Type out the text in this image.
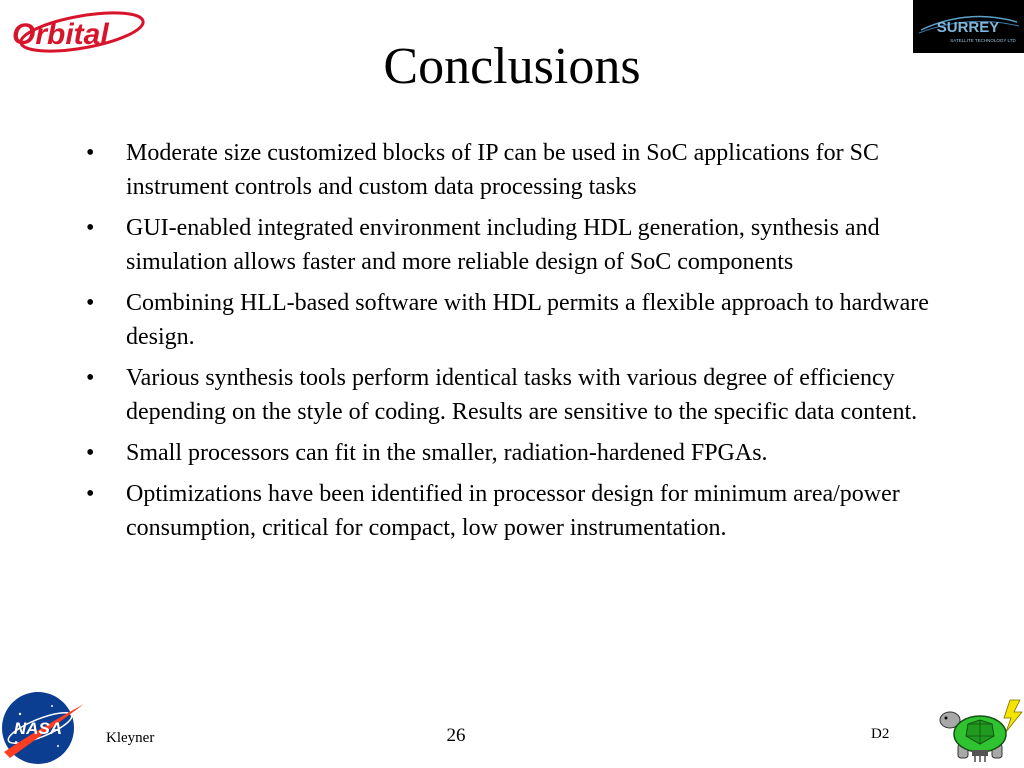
Orbital	SURREY
SATELLITE TECHNOLOGY LTD
Conclusions
•	Moderate size customized blocks of IP can be used in SoC applications for SC instrument controls and custom data processing tasks
•	GUI-enabled integrated environment including HDL generation, synthesis and simulation allows faster and more reliable design of SoC components
•	Combining HLL-based software with HDL permits a flexible approach to hardware design.
•	Various synthesis tools perform identical tasks with various degree of efficiency depending on the style of coding. Results are sensitive to the specific data content.
•	Small processors can fit in the smaller, radiation-hardened FPGAs.
•	Optimizations have been identified in processor design for minimum area/power consumption, critical for compact, low power instrumentation.
NASA	Kleyner	26	D2
